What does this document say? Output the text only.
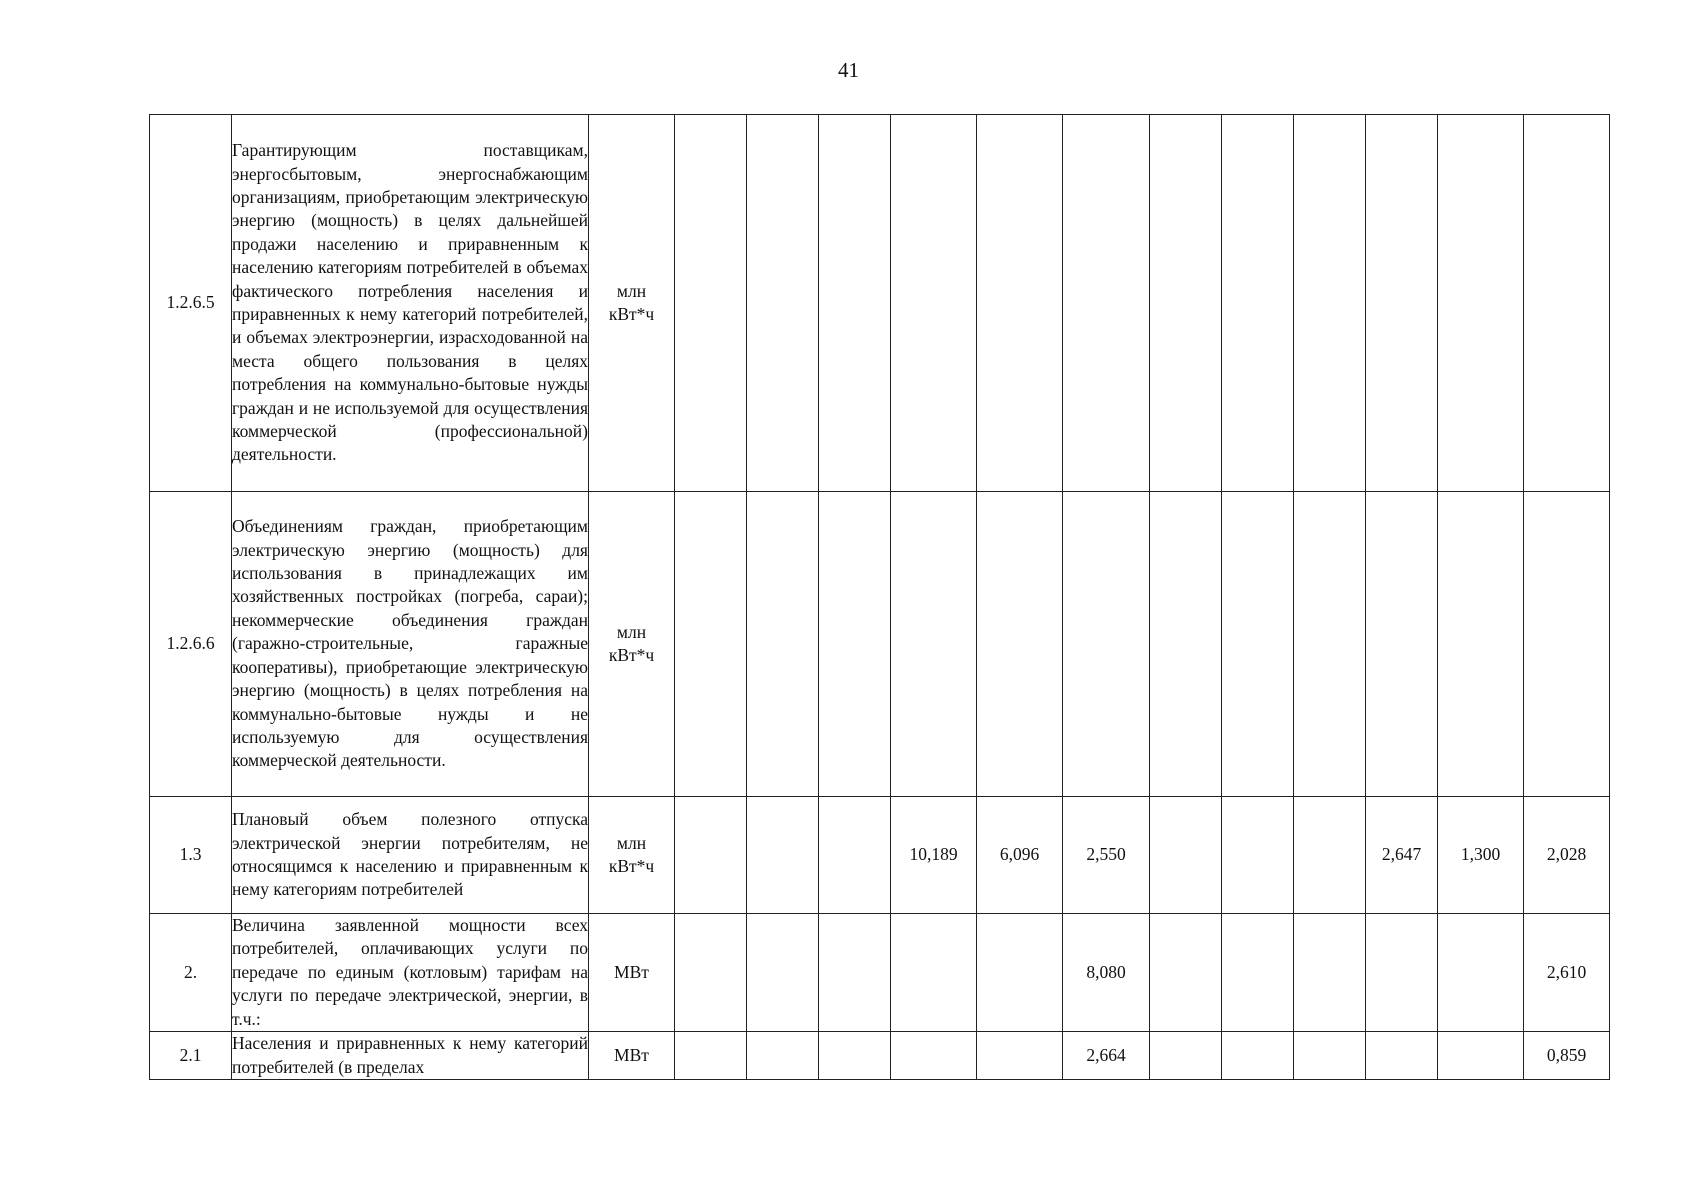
41
1.2.6.5	Гарантирующим поставщикам, энергосбытовым, энергоснабжающим организациям, приобретающим электрическую энергию (мощность) в целях дальнейшей продажи населению и приравненным к населению категориям потребителей в объемах фактического потребления населения и приравненных к нему категорий потребителей, и объемах электроэнергии, израсходованной на места общего пользования в целях потребления на коммунально-бытовые нужды граждан и не используемой для осуществления коммерческой (профессиональной) деятельности.	млн
кВт*ч												
1.2.6.6	Объединениям граждан, приобретающим электрическую энергию (мощность) для использования в принадлежащих им хозяйственных постройках (погреба, сараи); некоммерческие объединения граждан (гаражно-строительные, гаражные кооперативы), приобретающие электрическую энергию (мощность) в целях потребления на коммунально-бытовые нужды и не используемую для осуществления коммерческой деятельности.	млн
кВт*ч												
1.3	Плановый объем полезного отпуска электрической энергии потребителям, не относящимся к населению и приравненным к нему категориям потребителей	млн
кВт*ч				10,189	6,096	2,550				2,647	1,300	2,028
2.	Величина заявленной мощности всех потребителей, оплачивающих услуги по передаче по единым (котловым) тарифам на услуги по передаче электрической, энергии, в т.ч.:	МВт						8,080						2,610
2.1	Населения и приравненных к нему категорий потребителей (в пределах	МВт						2,664						0,859
